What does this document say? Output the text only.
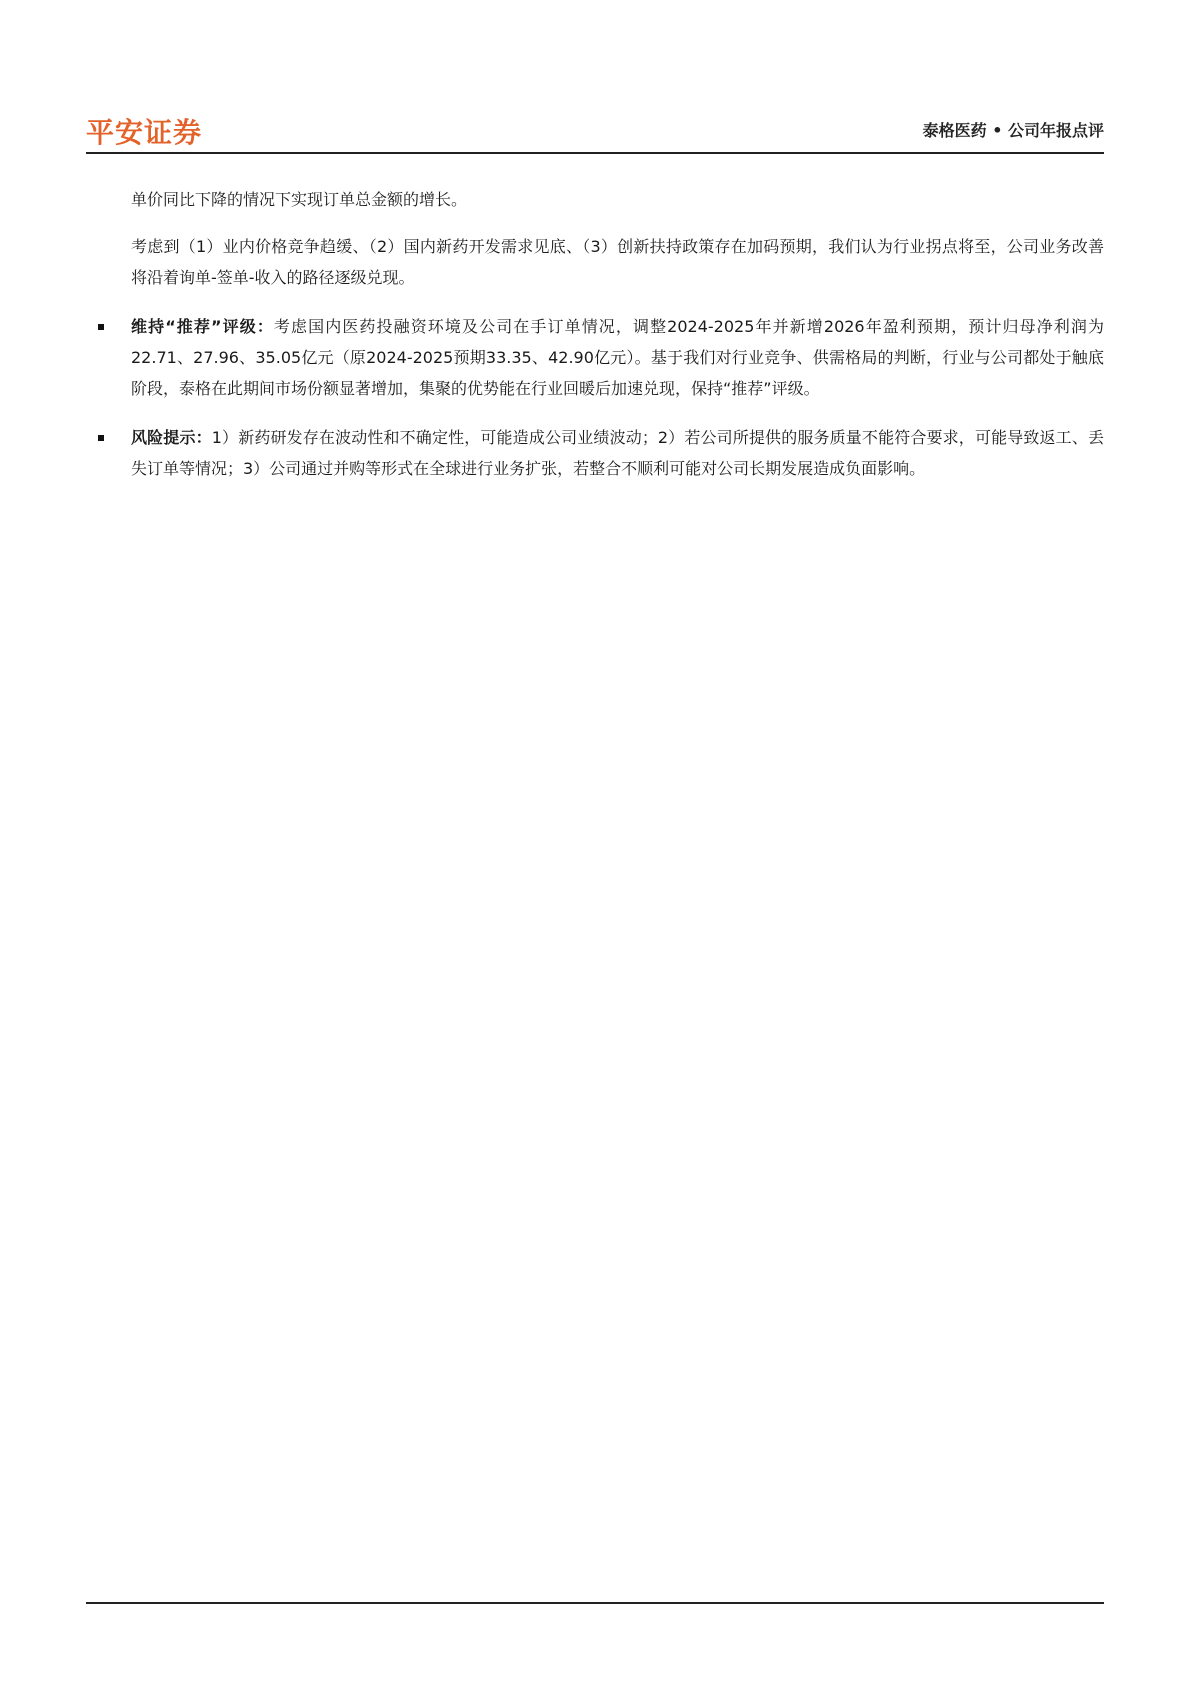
平安证券	泰格医药 • 公司年报点评

单价同比下降的情况下实现订单总金额的增长。

考虑到（1）业内价格竞争趋缓、（2）国内新药开发需求见底、（3）创新扶持政策存在加码预期，我们认为行业拐点将至，公司业务改善将沿着询单-签单-收入的路径逐级兑现。

维持“推荐”评级：考虑国内医药投融资环境及公司在手订单情况，调整2024-2025年并新增2026年盈利预期，预计归母净利润为22.71、27.96、35.05亿元（原2024-2025预期33.35、42.90亿元）。基于我们对行业竞争、供需格局的判断，行业与公司都处于触底阶段，泰格在此期间市场份额显著增加，集聚的优势能在行业回暖后加速兑现，保持“推荐”评级。

风险提示：1）新药研发存在波动性和不确定性，可能造成公司业绩波动；2）若公司所提供的服务质量不能符合要求，可能导致返工、丢失订单等情况；3）公司通过并购等形式在全球进行业务扩张，若整合不顺利可能对公司长期发展造成负面影响。
